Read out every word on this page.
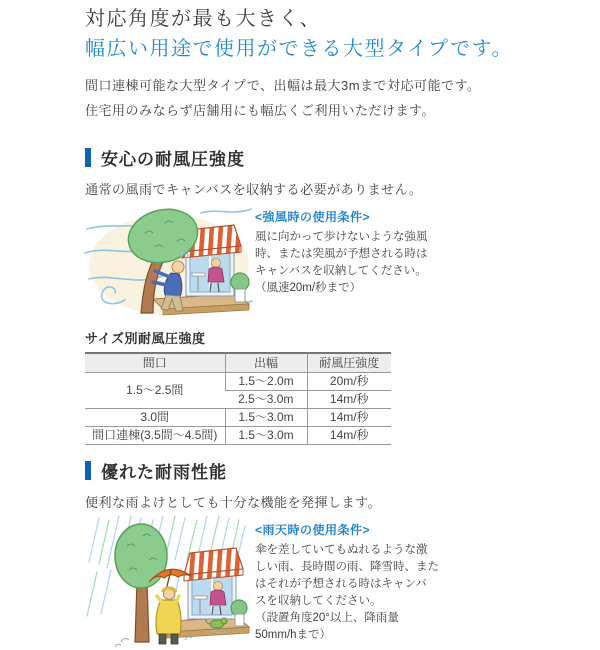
対応角度が最も大きく、
幅広い用途で使用ができる大型タイプです。
間口連棟可能な大型タイプで、出幅は最大3mまで対応可能です。
住宅用のみならず店舗用にも幅広くご利用いただけます。
安心の耐風圧強度
通常の風雨でキャンバスを収納する必要がありません。
<強風時の使用条件>
風に向かって歩けないような強風
時、または突風が予想される時は
キャンバスを収納してください。
（風速20m/秒まで）
サイズ別耐風圧強度
間口	出幅	耐風圧強度
1.5～2.5間	1.5～2.0m	20m/秒
	2.5～3.0m	14m/秒
3.0間	1.5～3.0m	14m/秒
間口連棟(3.5間～4.5間)	1.5～3.0m	14m/秒
優れた耐雨性能
便利な雨よけとしても十分な機能を発揮します。
<雨天時の使用条件>
傘を差していてもぬれるような激
しい雨、長時間の雨、降雪時、また
はそれが予想される時はキャンバ
スを収納してください。
（設置角度20°以上、降雨量
50mm/hまで）
